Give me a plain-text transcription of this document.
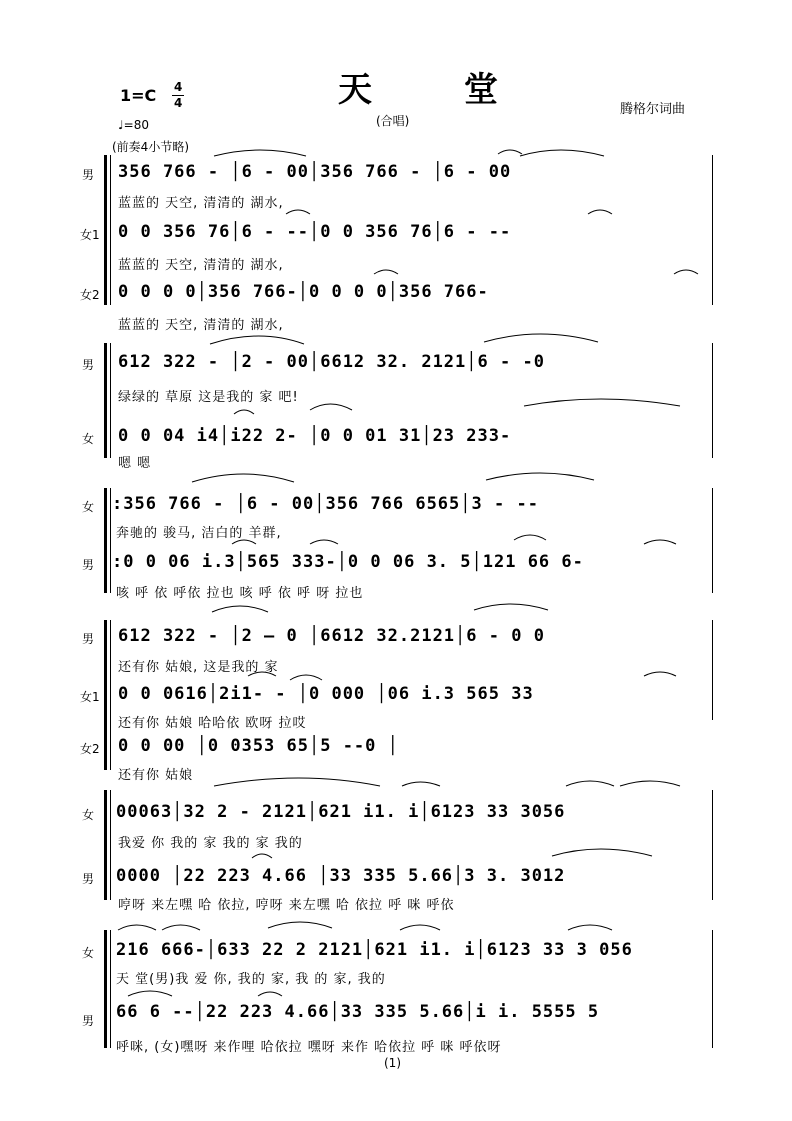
天 堂
1=C 4
4
♩=80	(合唱)
腾格尔词曲
(前奏4小节略)
男 356 766 - │6 - 00│356 766 - │6 - 00
蓝蓝的 天空, 清清的 湖水,
女1 0 0 356 76│6 - --│0 0 356 76│6 - --
蓝蓝的 天空, 清清的 湖水,
女2 0 0 0 0│356 766-│0 0 0 0│356 766-
蓝蓝的 天空, 清清的 湖水,
男 612 322 - │2 - 00│6612 32. 2121│6 - -0
绿绿的 草原 这是我的 家 吧!
女 0 0 04 i4│i22 2- │0 0 01 31│23 233-
嗯 嗯
女 :356 766 - │6 - 00│356 766 6565│3 - --
奔驰的 骏马, 洁白的 羊群,
男 :0 0 06 i.3│565 333-│0 0 06 3. 5│121 66 6-
咳 呼 依 呼依 拉也 咳 呼 依 呼 呀 拉也
男 612 322 - │2 — 0 │6612 32.2121│6 - 0 0
还有你 姑娘, 这是我的 家
女1 0 0 0616│2i1- - │0 000 │06 i.3 565 33
还有你 姑娘 哈哈依 欧呀 拉哎
女2 0 0 00 │0 0353 65│5 --0 │
还有你 姑娘
女 00063│32 2 - 2121│621 i1. i│6123 33 3056
我爱 你 我的 家 我的 家 我的
男 0000 │22 223 4.66 │33 335 5.66│3 3. 3012
哼呀 来左嘿 哈 依拉, 哼呀 来左嘿 哈 依拉 呼 咪 呼依
女 216 666-│633 22 2 2121│621 i1. i│6123 33 3 056
天 堂(男)我 爱 你, 我的 家, 我 的 家, 我的
男 66 6 --│22 223 4.66│33 335 5.66│i i. 5555 5
呼咪, (女)嘿呀 来作哩 哈依拉 嘿呀 来作 哈依拉 呼 咪 呼依呀
(1)
